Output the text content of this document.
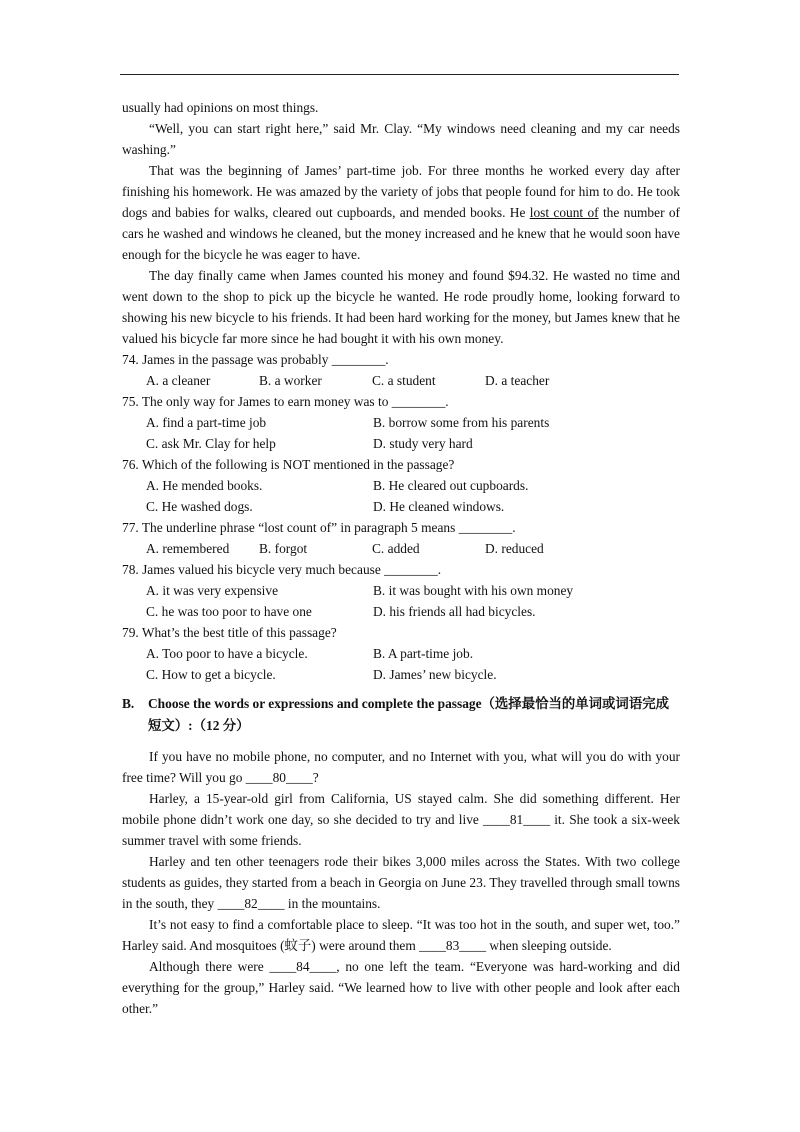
usually had opinions on most things.

“Well, you can start right here,” said Mr. Clay. “My windows need cleaning and my car needs washing.”

That was the beginning of James’ part-time job. For three months he worked every day after finishing his homework. He was amazed by the variety of jobs that people found for him to do. He took dogs and babies for walks, cleared out cupboards, and mended books. He lost count of the number of cars he washed and windows he cleaned, but the money increased and he knew that he would soon have enough for the bicycle he was eager to have.

The day finally came when James counted his money and found $94.32. He wasted no time and went down to the shop to pick up the bicycle he wanted. He rode proudly home, looking forward to showing his new bicycle to his friends. It had been hard working for the money, but James knew that he valued his bicycle far more since he had bought it with his own money.

74. James in the passage was probably ________.
A. a cleaner	B. a worker	C. a student	D. a teacher
75. The only way for James to earn money was to ________.
A. find a part-time job	B. borrow some from his parents
C. ask Mr. Clay for help	D. study very hard
76. Which of the following is NOT mentioned in the passage?
A. He mended books.	B. He cleared out cupboards.
C. He washed dogs.	D. He cleaned windows.
77. The underline phrase “lost count of” in paragraph 5 means ________.
A. remembered	B. forgot	C. added	D. reduced
78. James valued his bicycle very much because ________.
A. it was very expensive	B. it was bought with his own money
C. he was too poor to have one	D. his friends all had bicycles.
79. What’s the best title of this passage?
A. Too poor to have a bicycle.	B. A part-time job.
C. How to get a bicycle.	D. James’ new bicycle.
B.	Choose the words or expressions and complete the passage（选择最恰当的单词或词语完成短文）:（12 分）

If you have no mobile phone, no computer, and no Internet with you, what will you do with your free time? Will you go ____80____?

Harley, a 15-year-old girl from California, US stayed calm. She did something different. Her mobile phone didn’t work one day, so she decided to try and live ____81____ it. She took a six-week summer travel with some friends.

Harley and ten other teenagers rode their bikes 3,000 miles across the States. With two college students as guides, they started from a beach in Georgia on June 23. They travelled through small towns in the south, they ____82____ in the mountains.

It’s not easy to find a comfortable place to sleep. “It was too hot in the south, and super wet, too.” Harley said. And mosquitoes (蚊子) were around them ____83____ when sleeping outside.

Although there were ____84____, no one left the team. “Everyone was hard-working and did everything for the group,” Harley said. “We learned how to live with other people and look after each other.”
